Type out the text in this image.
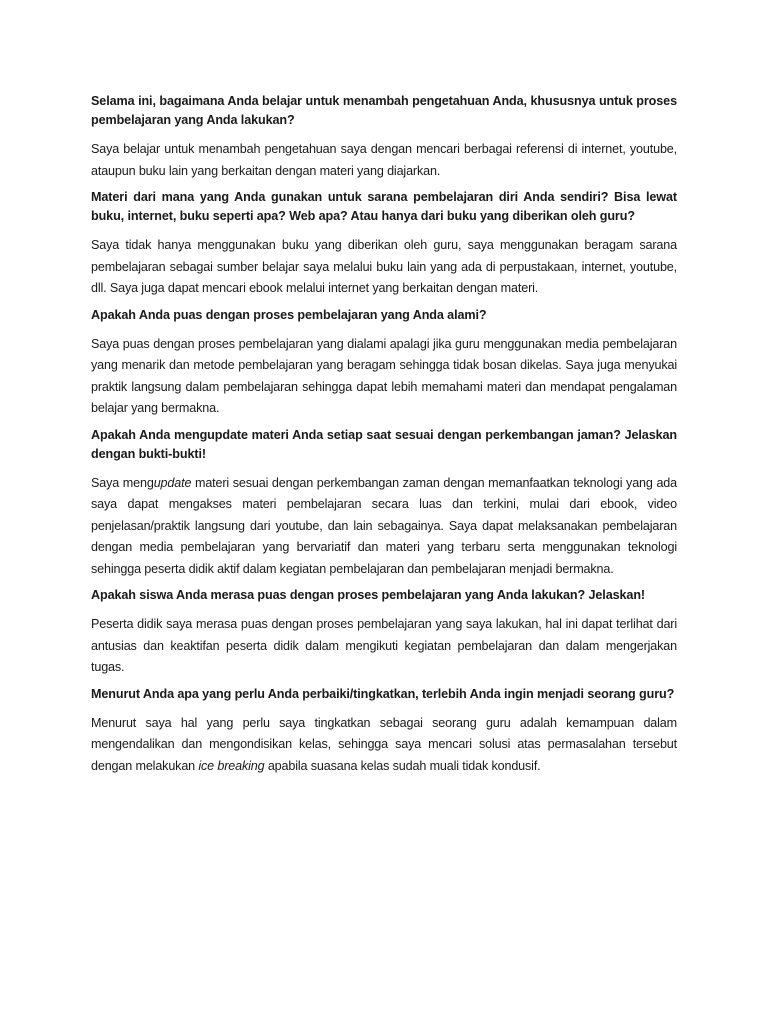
Selama ini, bagaimana Anda belajar untuk menambah pengetahuan Anda, khususnya untuk proses pembelajaran yang Anda lakukan?

Saya belajar untuk menambah pengetahuan saya dengan mencari berbagai referensi di internet, youtube, ataupun buku lain yang berkaitan dengan materi yang diajarkan.

Materi dari mana yang Anda gunakan untuk sarana pembelajaran diri Anda sendiri? Bisa lewat buku, internet, buku seperti apa? Web apa? Atau hanya dari buku yang diberikan oleh guru?

Saya tidak hanya menggunakan buku yang diberikan oleh guru, saya menggunakan beragam sarana pembelajaran sebagai sumber belajar saya melalui buku lain yang ada di perpustakaan, internet, youtube, dll. Saya juga dapat mencari ebook melalui internet yang berkaitan dengan materi.

Apakah Anda puas dengan proses pembelajaran yang Anda alami?

Saya puas dengan proses pembelajaran yang dialami apalagi jika guru menggunakan media pembelajaran yang menarik dan metode pembelajaran yang beragam sehingga tidak bosan dikelas. Saya juga menyukai praktik langsung dalam pembelajaran sehingga dapat lebih memahami materi dan mendapat pengalaman belajar yang bermakna.

Apakah Anda mengupdate materi Anda setiap saat sesuai dengan perkembangan jaman? Jelaskan dengan bukti-bukti!

Saya mengupdate materi sesuai dengan perkembangan zaman dengan memanfaatkan teknologi yang ada saya dapat mengakses materi pembelajaran secara luas dan terkini, mulai dari ebook, video penjelasan/praktik langsung dari youtube, dan lain sebagainya. Saya dapat melaksanakan pembelajaran dengan media pembelajaran yang bervariatif dan materi yang terbaru serta menggunakan teknologi sehingga peserta didik aktif dalam kegiatan pembelajaran dan pembelajaran menjadi bermakna.

Apakah siswa Anda merasa puas dengan proses pembelajaran yang Anda lakukan? Jelaskan!

Peserta didik saya merasa puas dengan proses pembelajaran yang saya lakukan, hal ini dapat terlihat dari antusias dan keaktifan peserta didik dalam mengikuti kegiatan pembelajaran dan dalam mengerjakan tugas.

Menurut Anda apa yang perlu Anda perbaiki/tingkatkan, terlebih Anda ingin menjadi seorang guru?

Menurut saya hal yang perlu saya tingkatkan sebagai seorang guru adalah kemampuan dalam mengendalikan dan mengondisikan kelas, sehingga saya mencari solusi atas permasalahan tersebut dengan melakukan ice breaking apabila suasana kelas sudah muali tidak kondusif.
